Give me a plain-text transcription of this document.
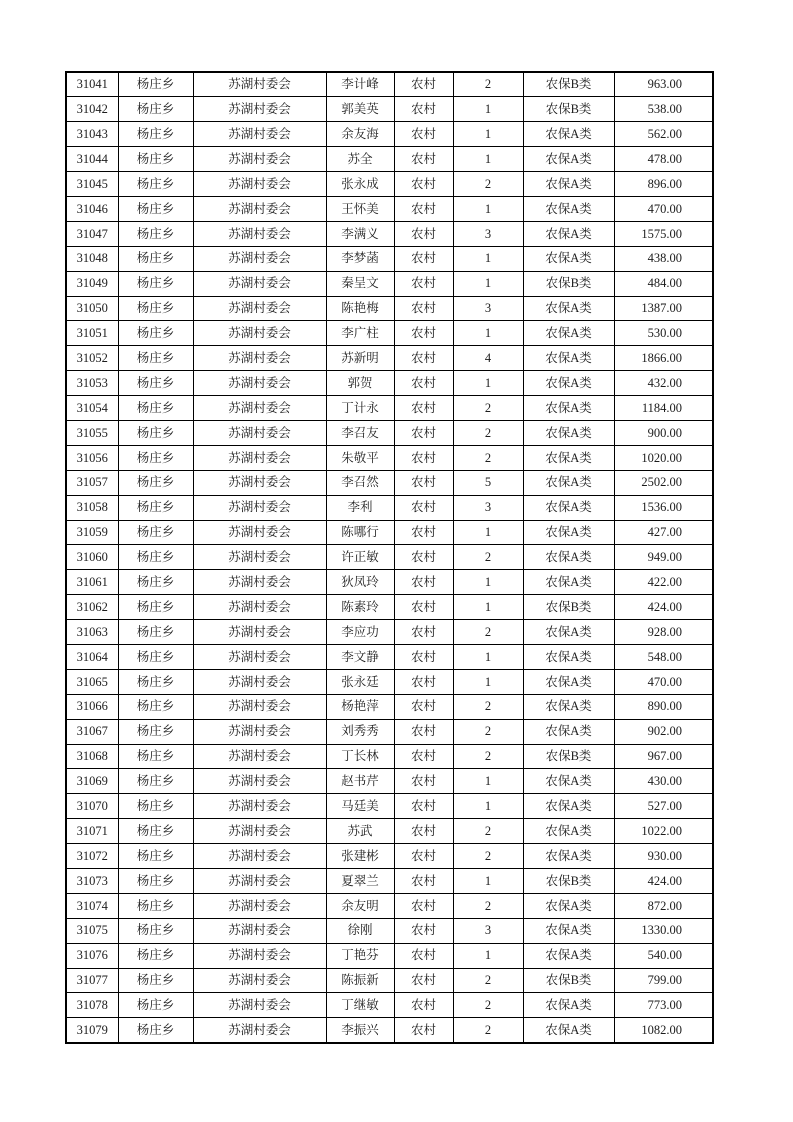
31041	杨庄乡	苏湖村委会	李计峰	农村	2	农保B类	963.00
31042	杨庄乡	苏湖村委会	郭美英	农村	1	农保B类	538.00
31043	杨庄乡	苏湖村委会	余友海	农村	1	农保A类	562.00
31044	杨庄乡	苏湖村委会	苏全	农村	1	农保A类	478.00
31045	杨庄乡	苏湖村委会	张永成	农村	2	农保A类	896.00
31046	杨庄乡	苏湖村委会	王怀美	农村	1	农保A类	470.00
31047	杨庄乡	苏湖村委会	李满义	农村	3	农保A类	1575.00
31048	杨庄乡	苏湖村委会	李梦菡	农村	1	农保A类	438.00
31049	杨庄乡	苏湖村委会	秦呈文	农村	1	农保B类	484.00
31050	杨庄乡	苏湖村委会	陈艳梅	农村	3	农保A类	1387.00
31051	杨庄乡	苏湖村委会	李广柱	农村	1	农保A类	530.00
31052	杨庄乡	苏湖村委会	苏新明	农村	4	农保A类	1866.00
31053	杨庄乡	苏湖村委会	郭贺	农村	1	农保A类	432.00
31054	杨庄乡	苏湖村委会	丁计永	农村	2	农保A类	1184.00
31055	杨庄乡	苏湖村委会	李召友	农村	2	农保A类	900.00
31056	杨庄乡	苏湖村委会	朱敬平	农村	2	农保A类	1020.00
31057	杨庄乡	苏湖村委会	李召然	农村	5	农保A类	2502.00
31058	杨庄乡	苏湖村委会	李利	农村	3	农保A类	1536.00
31059	杨庄乡	苏湖村委会	陈哪行	农村	1	农保A类	427.00
31060	杨庄乡	苏湖村委会	许正敏	农村	2	农保A类	949.00
31061	杨庄乡	苏湖村委会	狄凤玲	农村	1	农保A类	422.00
31062	杨庄乡	苏湖村委会	陈素玲	农村	1	农保B类	424.00
31063	杨庄乡	苏湖村委会	李应功	农村	2	农保A类	928.00
31064	杨庄乡	苏湖村委会	李文静	农村	1	农保A类	548.00
31065	杨庄乡	苏湖村委会	张永廷	农村	1	农保A类	470.00
31066	杨庄乡	苏湖村委会	杨艳萍	农村	2	农保A类	890.00
31067	杨庄乡	苏湖村委会	刘秀秀	农村	2	农保A类	902.00
31068	杨庄乡	苏湖村委会	丁长林	农村	2	农保B类	967.00
31069	杨庄乡	苏湖村委会	赵书芹	农村	1	农保A类	430.00
31070	杨庄乡	苏湖村委会	马廷美	农村	1	农保A类	527.00
31071	杨庄乡	苏湖村委会	苏武	农村	2	农保A类	1022.00
31072	杨庄乡	苏湖村委会	张建彬	农村	2	农保A类	930.00
31073	杨庄乡	苏湖村委会	夏翠兰	农村	1	农保B类	424.00
31074	杨庄乡	苏湖村委会	余友明	农村	2	农保A类	872.00
31075	杨庄乡	苏湖村委会	徐刚	农村	3	农保A类	1330.00
31076	杨庄乡	苏湖村委会	丁艳芬	农村	1	农保A类	540.00
31077	杨庄乡	苏湖村委会	陈振新	农村	2	农保B类	799.00
31078	杨庄乡	苏湖村委会	丁继敏	农村	2	农保A类	773.00
31079	杨庄乡	苏湖村委会	李振兴	农村	2	农保A类	1082.00
